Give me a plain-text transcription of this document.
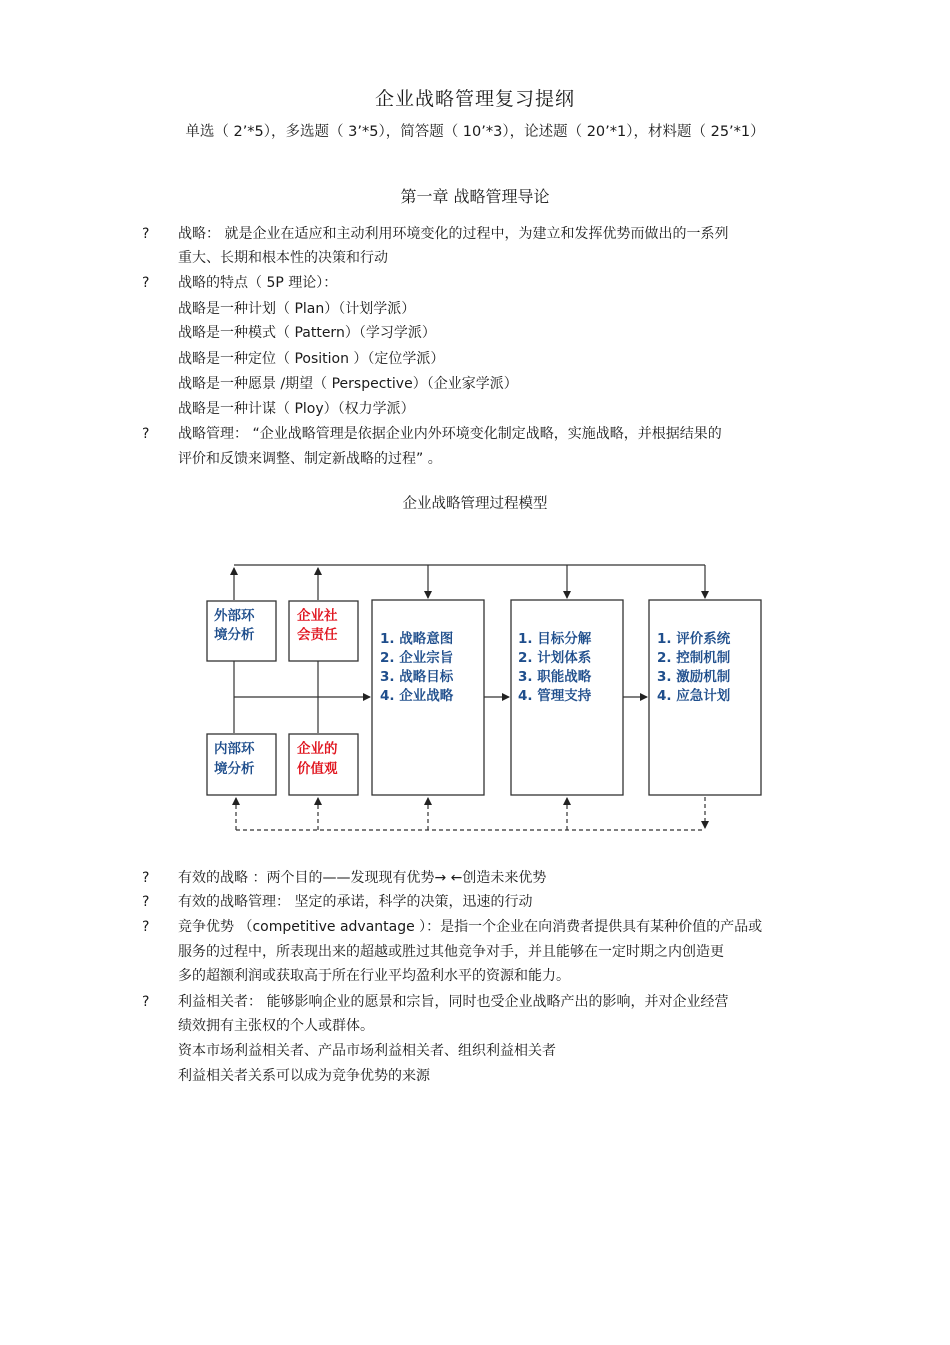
企业战略管理复习提纲
单选（ 2’*5），多选题（ 3’*5），简答题（ 10’*3），论述题（ 20’*1），材料题（ 25’*1）
第一章 战略管理导论
? 战略： 就是企业在适应和主动利用环境变化的过程中，为建立和发挥优势而做出的一系列
重大、长期和根本性的决策和行动
? 战略的特点（ 5P 理论）：
战略是一种计划（ Plan）（计划学派）
战略是一种模式（ Pattern）（学习学派）
战略是一种定位（ Position ）（定位学派）
战略是一种愿景 /期望（ Perspective）（企业家学派）
战略是一种计谋（ Ploy）（权力学派）
? 战略管理： “企业战略管理是依据企业内外环境变化制定战略，实施战略，并根据结果的
评价和反馈来调整、制定新战略的过程” 。
企业战略管理过程模型
外部环
境分析
企业社
会责任
内部环
境分析
企业的
价值观
1. 战略意图
2. 企业宗旨
3. 战略目标
4. 企业战略
1. 目标分解
2. 计划体系
3. 职能战略
4. 管理支持
1. 评价系统
2. 控制机制
3. 激励机制
4. 应急计划
? 有效的战略 ：两个目的——发现现有优势→ ←创造未来优势
? 有效的战略管理： 坚定的承诺，科学的决策，迅速的行动
? 竞争优势 （competitive advantage ）：是指一个企业在向消费者提供具有某种价值的产品或
服务的过程中，所表现出来的超越或胜过其他竞争对手，并且能够在一定时期之内创造更
多的超额利润或获取高于所在行业平均盈利水平的资源和能力。
? 利益相关者： 能够影响企业的愿景和宗旨，同时也受企业战略产出的影响，并对企业经营
绩效拥有主张权的个人或群体。
资本市场利益相关者、产品市场利益相关者、组织利益相关者
利益相关者关系可以成为竞争优势的来源
